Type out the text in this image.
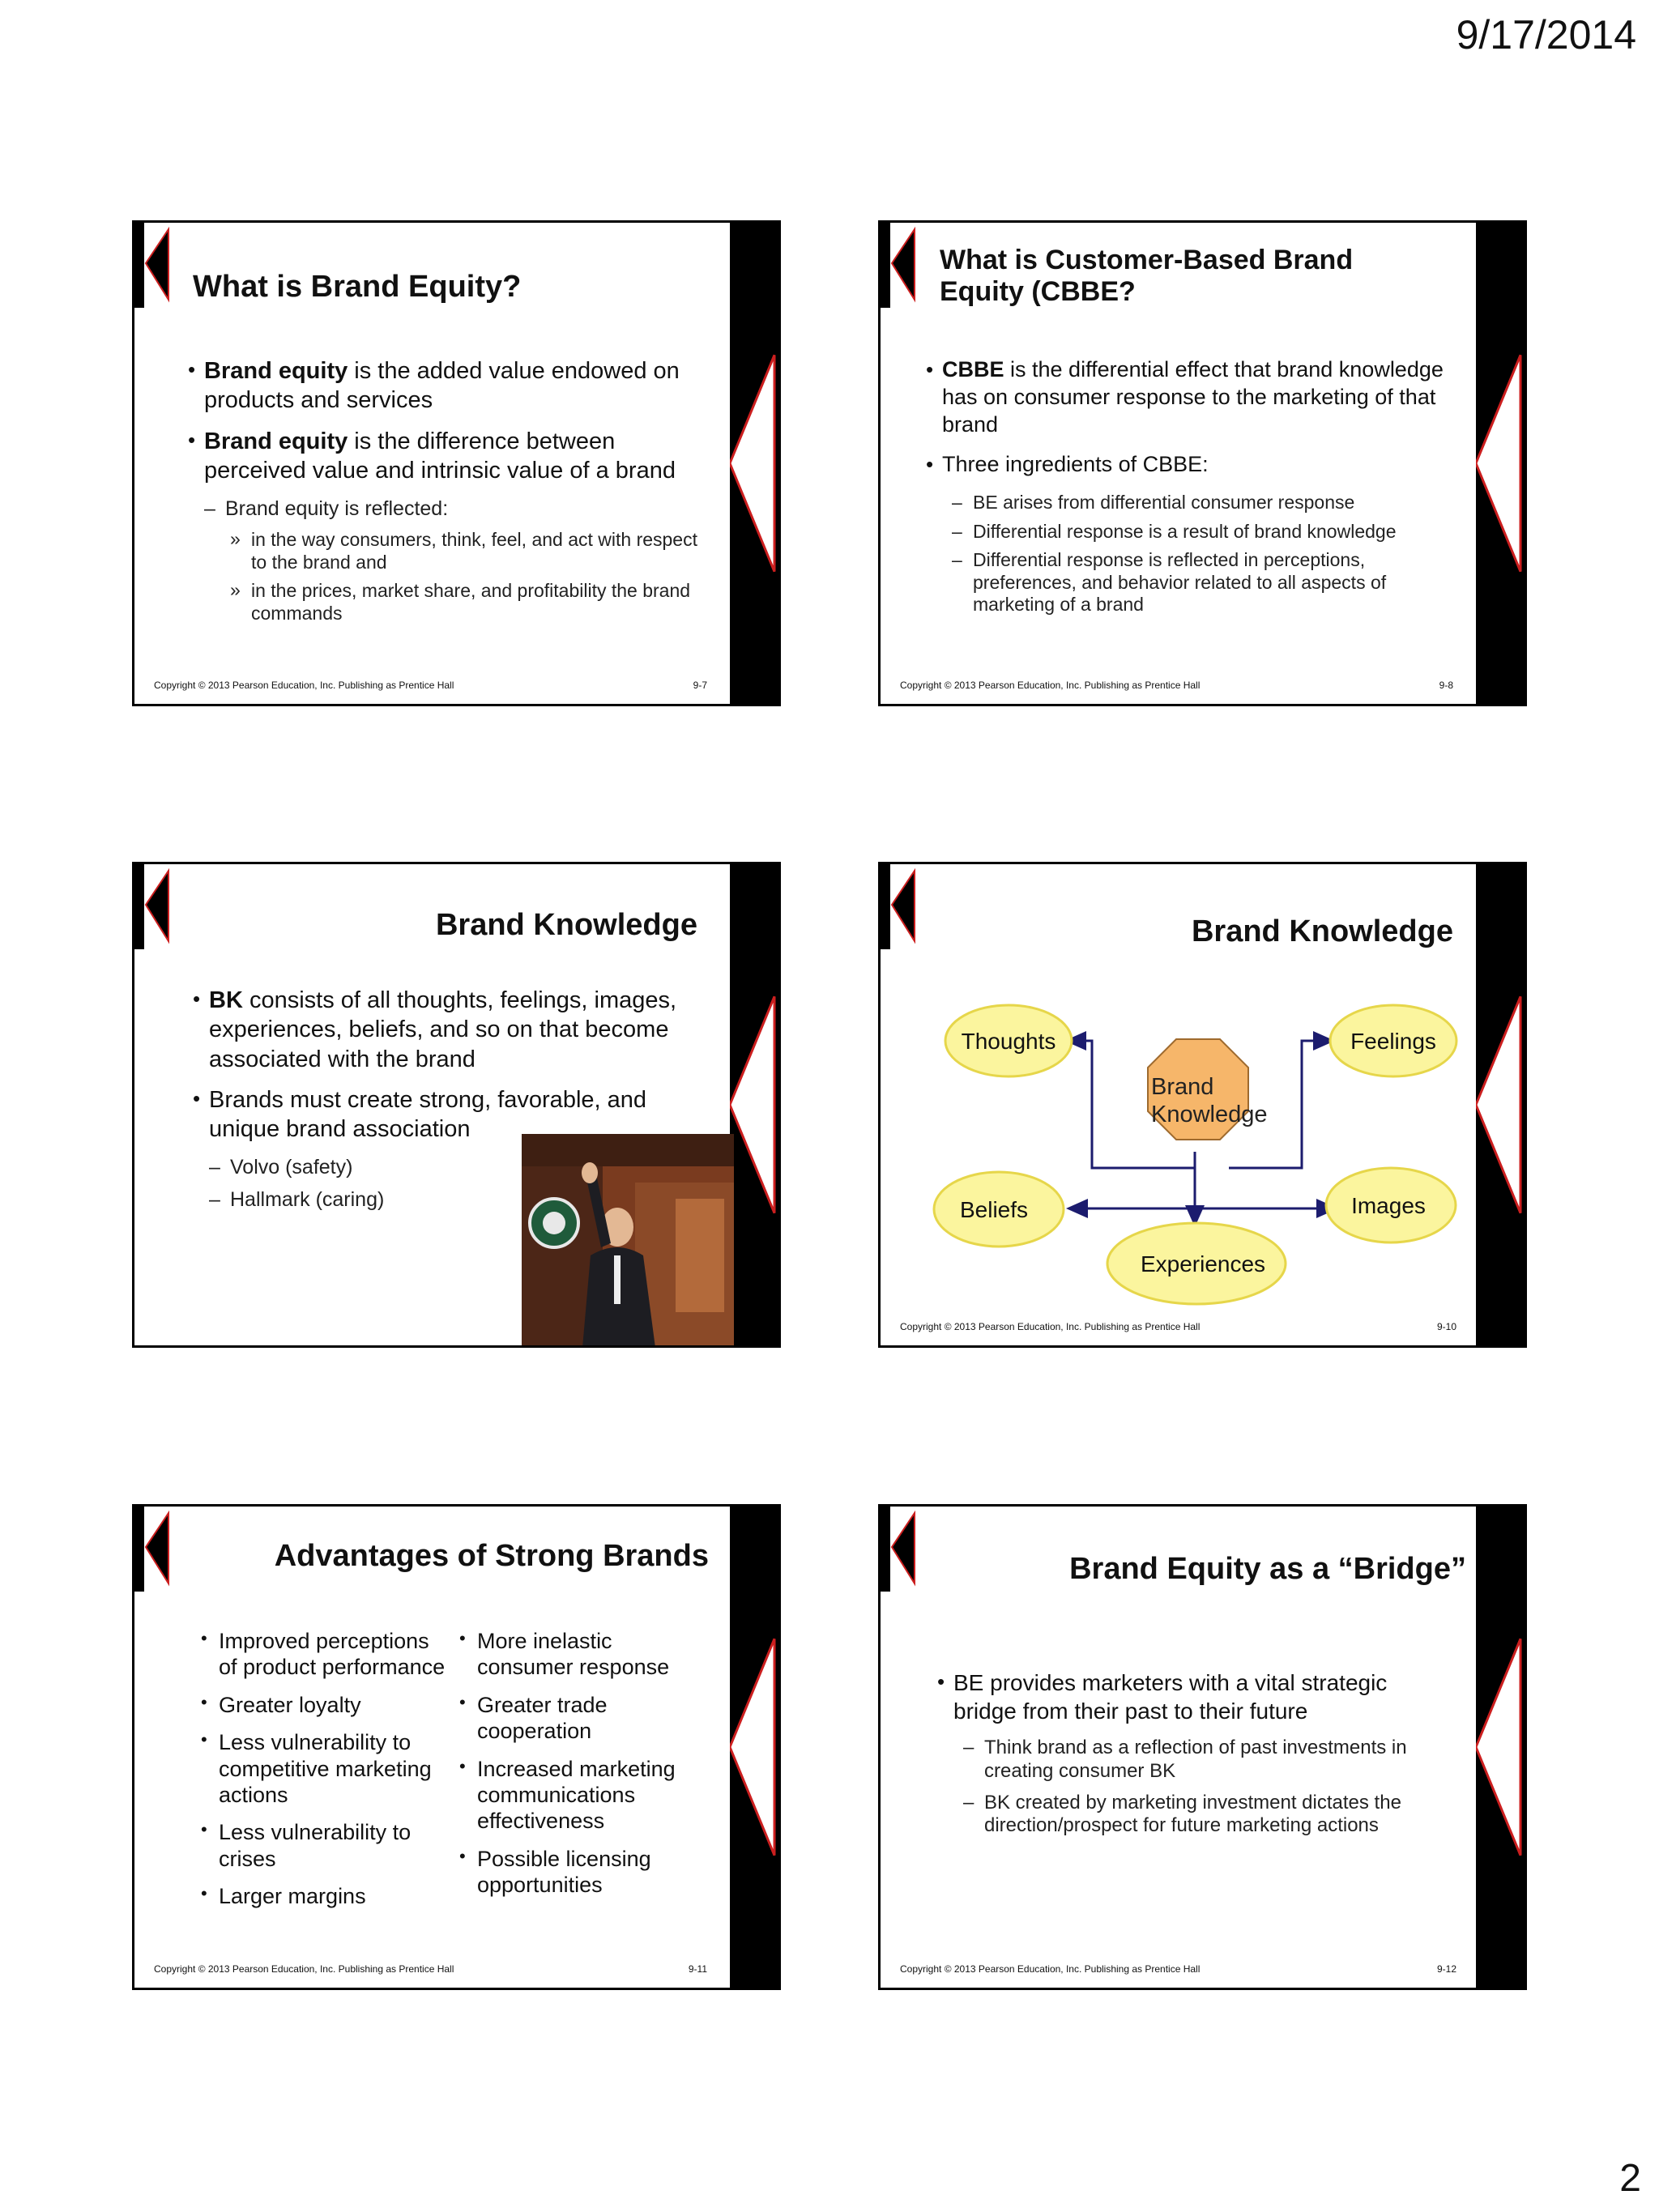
9/17/2014
2
What is Brand Equity?
• Brand equity is the added value endowed on products and services
• Brand equity is the difference between perceived value and intrinsic value of a brand
– Brand equity is reflected:
» in the way consumers, think, feel, and act with respect to the brand and
» in the prices, market share, and profitability the brand commands
Copyright © 2013 Pearson Education, Inc. Publishing as Prentice Hall	9-7
What is Customer-Based Brand Equity (CBBE?
• CBBE is the differential effect that brand knowledge has on consumer response to the marketing of that brand
• Three ingredients of CBBE:
– BE arises from differential consumer response
– Differential response is a result of brand knowledge
– Differential response is reflected in perceptions, preferences, and behavior related to all aspects of marketing of a brand
Copyright © 2013 Pearson Education, Inc. Publishing as Prentice Hall	9-8
Brand Knowledge
• BK consists of all thoughts, feelings, images, experiences, beliefs, and so on that become associated with the brand
• Brands must create strong, favorable, and unique brand association
– Volvo (safety)
– Hallmark (caring)
Brand Knowledge
Brand
Knowledge
Thoughts	Feelings
Beliefs	Images
Experiences
Copyright © 2013 Pearson Education, Inc. Publishing as Prentice Hall	9-10
Advantages of Strong Brands
• Improved perceptions of product performance
• Greater loyalty
• Less vulnerability to competitive marketing actions
• Less vulnerability to crises
• Larger margins
• More inelastic consumer response
• Greater trade cooperation
• Increased marketing communications effectiveness
• Possible licensing opportunities
Copyright © 2013 Pearson Education, Inc. Publishing as Prentice Hall	9-11
Brand Equity as a “Bridge”
• BE provides marketers with a vital strategic bridge from their past to their future
– Think brand as a reflection of past investments in creating consumer BK
– BK created by marketing investment dictates the direction/prospect for future marketing actions
Copyright © 2013 Pearson Education, Inc. Publishing as Prentice Hall	9-12
